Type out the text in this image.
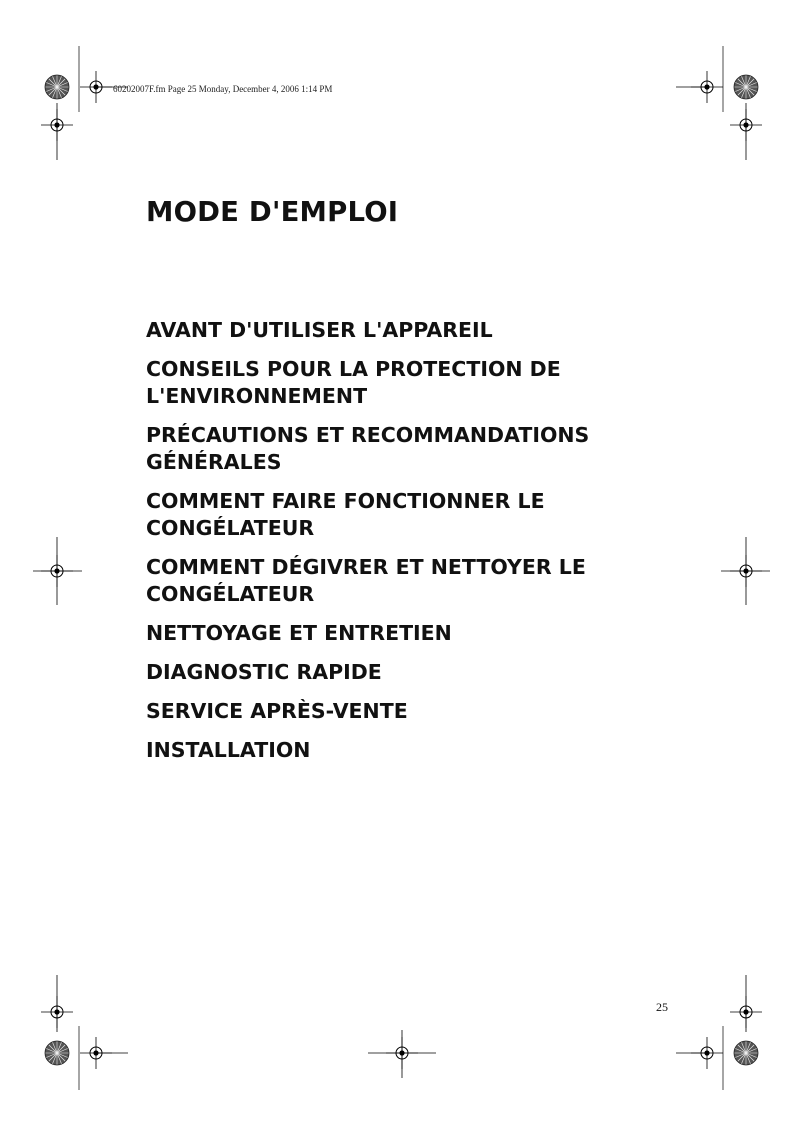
60202007F.fm Page 25 Monday, December 4, 2006 1:14 PM
MODE D'EMPLOI
AVANT D'UTILISER L'APPAREIL
CONSEILS POUR LA PROTECTION DE L'ENVIRONNEMENT
PRÉCAUTIONS ET RECOMMANDATIONS GÉNÉRALES
COMMENT FAIRE FONCTIONNER LE CONGÉLATEUR
COMMENT DÉGIVRER ET NETTOYER LE CONGÉLATEUR
NETTOYAGE ET ENTRETIEN
DIAGNOSTIC RAPIDE
SERVICE APRÈS-VENTE
INSTALLATION
25
